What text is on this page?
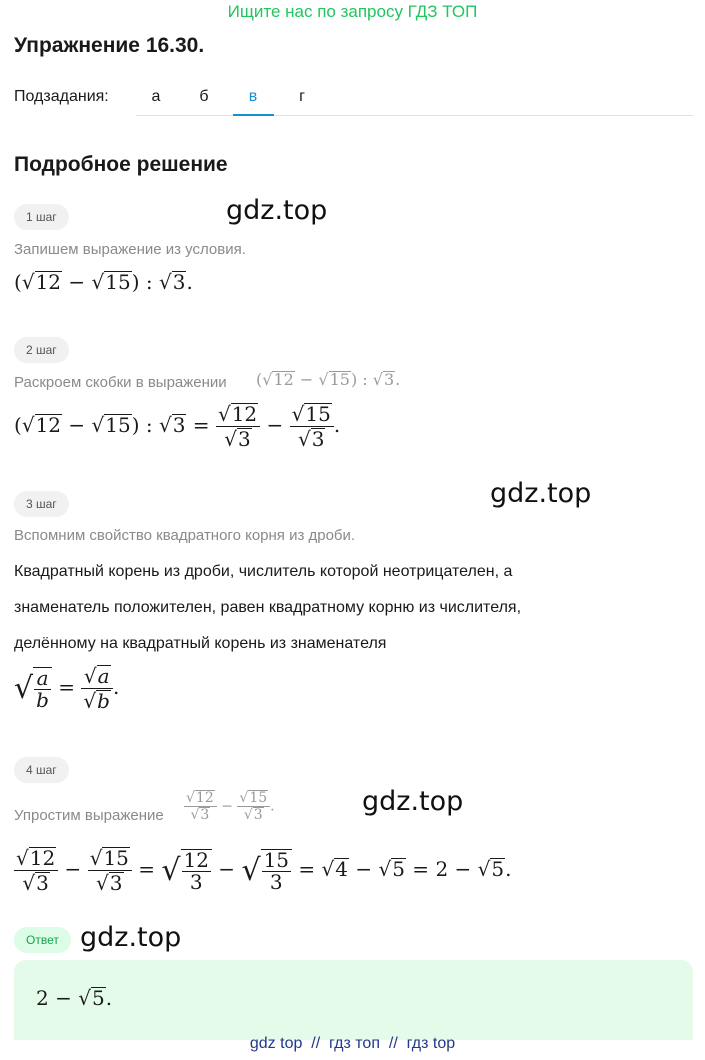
Ищите нас по запросу ГДЗ ТОП
Упражнение 16.30.
Подзадания:	а	б	в	г
Подробное решение
1 шаг	gdz.top
Запишем выражение из условия.
(√12 − √15) : √3.
2 шаг
Раскроем скобки в выражении (√12 − √15) : √3.
(√12 − √15) : $√3 = \frac{√12}{√3} - \frac{√15}{√3}$ .
3 шаг	gdz.top
Вспомним свойство квадратного корня из дроби.
Квадратный корень из дроби, числитель которой неотрицателен, а
знаменатель положителен, равен квадратному корню из числителя,
делённому на квадратный корень из знаменателя
√ $\frac{a}{b} = \frac{√a}{√b}$ .
4 шаг
gdz.top
Упростим выражение $\frac{√12}{√3} - \frac{√15}{√3}$ .
$\frac{√12}{√3} - \frac{√15}{√3}$ = √ $\frac{12}{3}$ − √ $\frac{15}{3} = √4 - √5 = 2 - √5$.
Ответ gdz.top
2 − √5.
gdz top  //  гдз топ  //  гдз top
